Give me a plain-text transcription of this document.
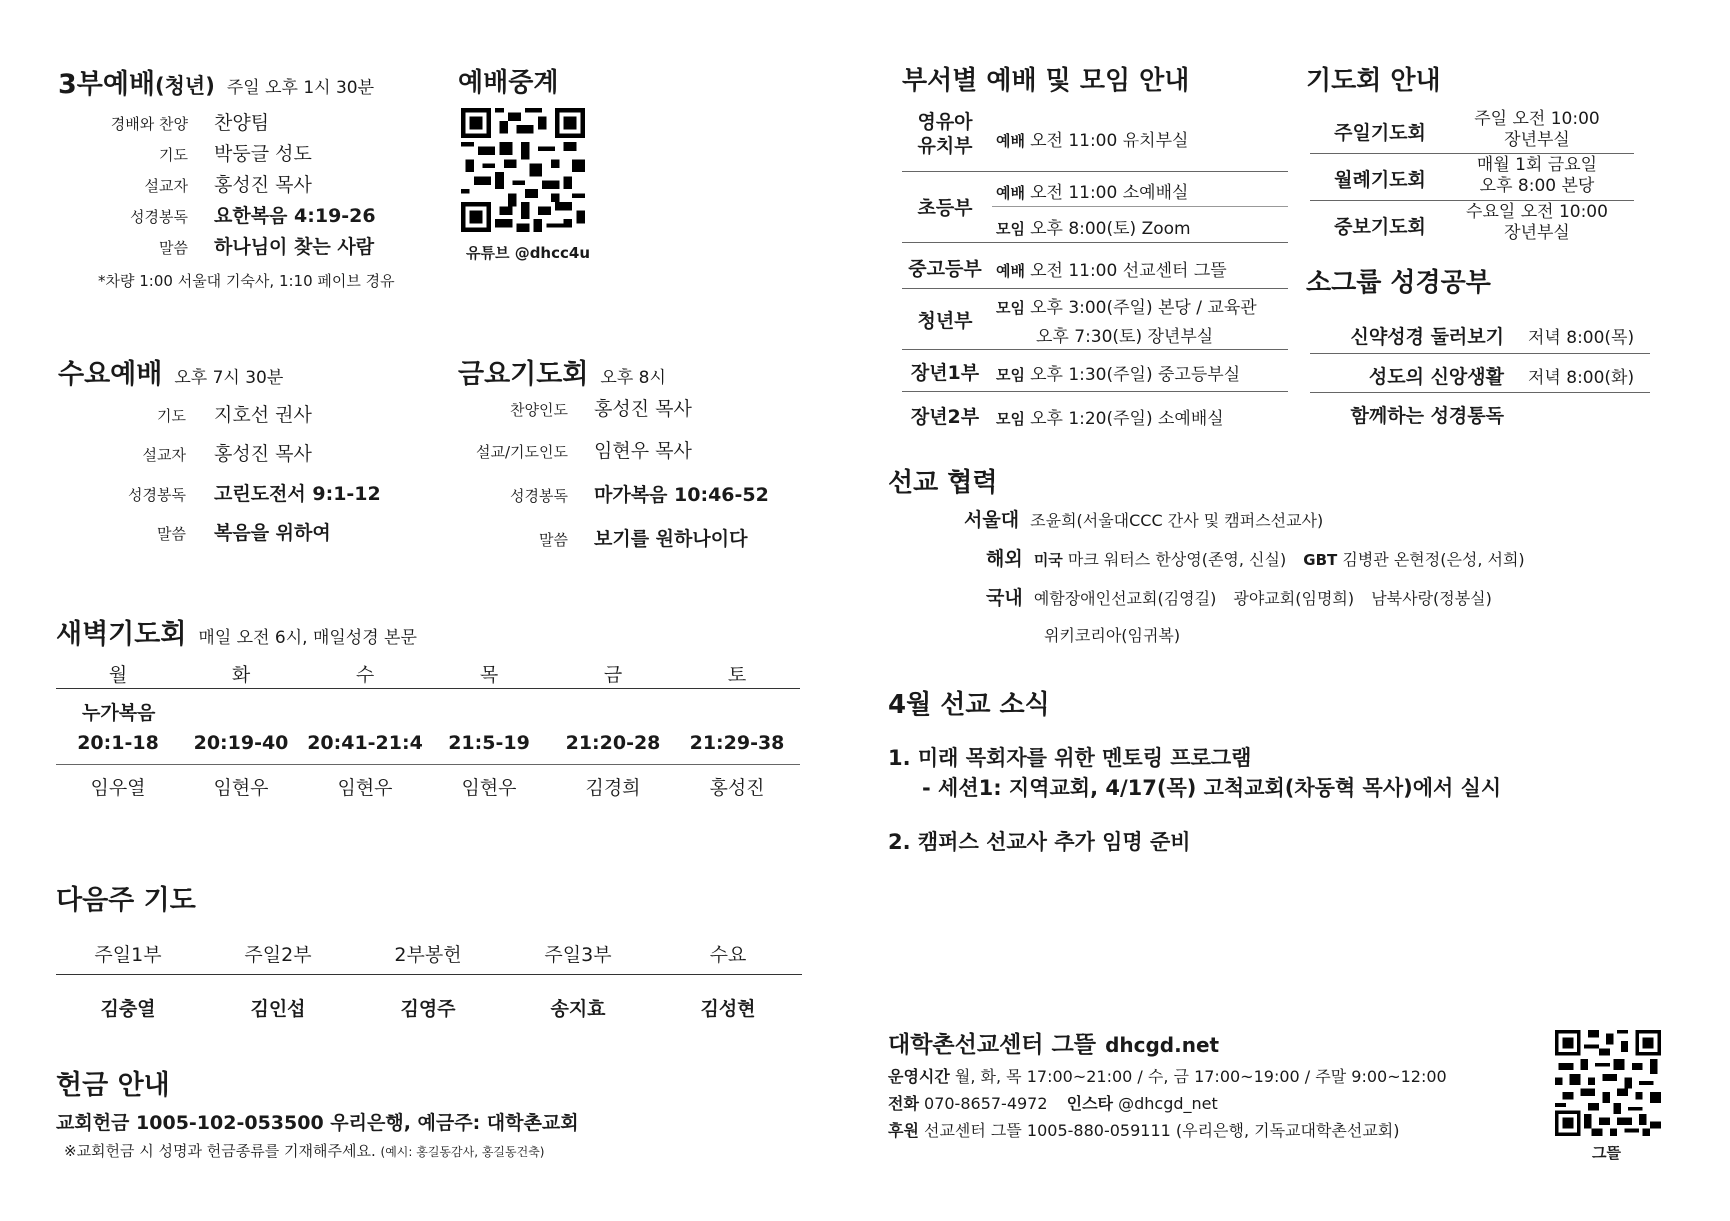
3부예배(청년) 주일 오후 1시 30분
경배와 찬양 찬양팀
기도 박둥글 성도
설교자 홍성진 목사
성경봉독 요한복음 4:19-26
말씀 하나님이 찾는 사람
*차량 1:00 서울대 기숙사, 1:10 페이브 경유
예배중계
유튜브 @dhcc4u
수요예배 오후 7시 30분
기도 지호선 권사
설교자 홍성진 목사
성경봉독 고린도전서 9:1-12
말씀 복음을 위하여
금요기도회 오후 8시
찬양인도 홍성진 목사
설교/기도인도 임현우 목사
성경봉독 마가복음 10:46-52
말씀 보기를 원하나이다
새벽기도회 매일 오전 6시, 매일성경 본문
월	화	수	목	금	토
누가복음
20:1-18	20:19-40 20:41-21:4	21:5-19	21:20-28	21:29-38
임우열	임현우	임현우	임현우	김경희	홍성진
다음주 기도
주일1부	주일2부	2부봉헌	주일3부	수요
김충열	김인섭	김영주	송지효	김성현
헌금 안내
교회헌금 1005-102-053500 우리은행, 예금주: 대학촌교회
※교회헌금 시 성명과 헌금종류를 기재해주세요. (예시: 홍길동감사, 홍길동건축)
부서별 예배 및 모임 안내
영유아
유치부	예배 오전 11:00 유치부실
초등부
예배 오전 11:00 소예배실
모임 오후 8:00(토) Zoom
중고등부 예배 오전 11:00 선교센터 그뜰
청년부
모임 오후 3:00(주일) 본당 / 교육관
오후 7:30(토) 장년부실
장년1부	모임 오후 1:30(주일) 중고등부실
장년2부	모임 오후 1:20(주일) 소예배실
기도회 안내
주일기도회
주일 오전 10:00
장년부실
월례기도회
매월 1회 금요일
오후 8:00 본당
중보기도회
수요일 오전 10:00
장년부실
소그룹 성경공부
신약성경 둘러보기 저녁 8:00(목)
성도의 신앙생활 저녁 8:00(화)
함께하는 성경통독
선교 협력
서울대 조윤희(서울대CCC 간사 및 캠퍼스선교사)
해외 미국 마크 워터스 한상영(존영, 신실) GBT 김병관 온현정(은성, 서희)
국내 예함장애인선교회(김영길) 광야교회(임명희) 남북사랑(정봉실)
위키코리아(임귀복)
4월 선교 소식
1. 미래 목회자를 위한 멘토링 프로그램
- 세션1: 지역교회, 4/17(목) 고척교회(차동혁 목사)에서 실시
2. 캠퍼스 선교사 추가 임명 준비
대학촌선교센터 그뜰 dhcgd.net
운영시간 월, 화, 목 17:00~21:00 / 수, 금 17:00~19:00 / 주말 9:00~12:00
전화 070-8657-4972 인스타 @dhcgd_net
후원 선교센터 그뜰 1005-880-059111 (우리은행, 기독교대학촌선교회)
그뜰
